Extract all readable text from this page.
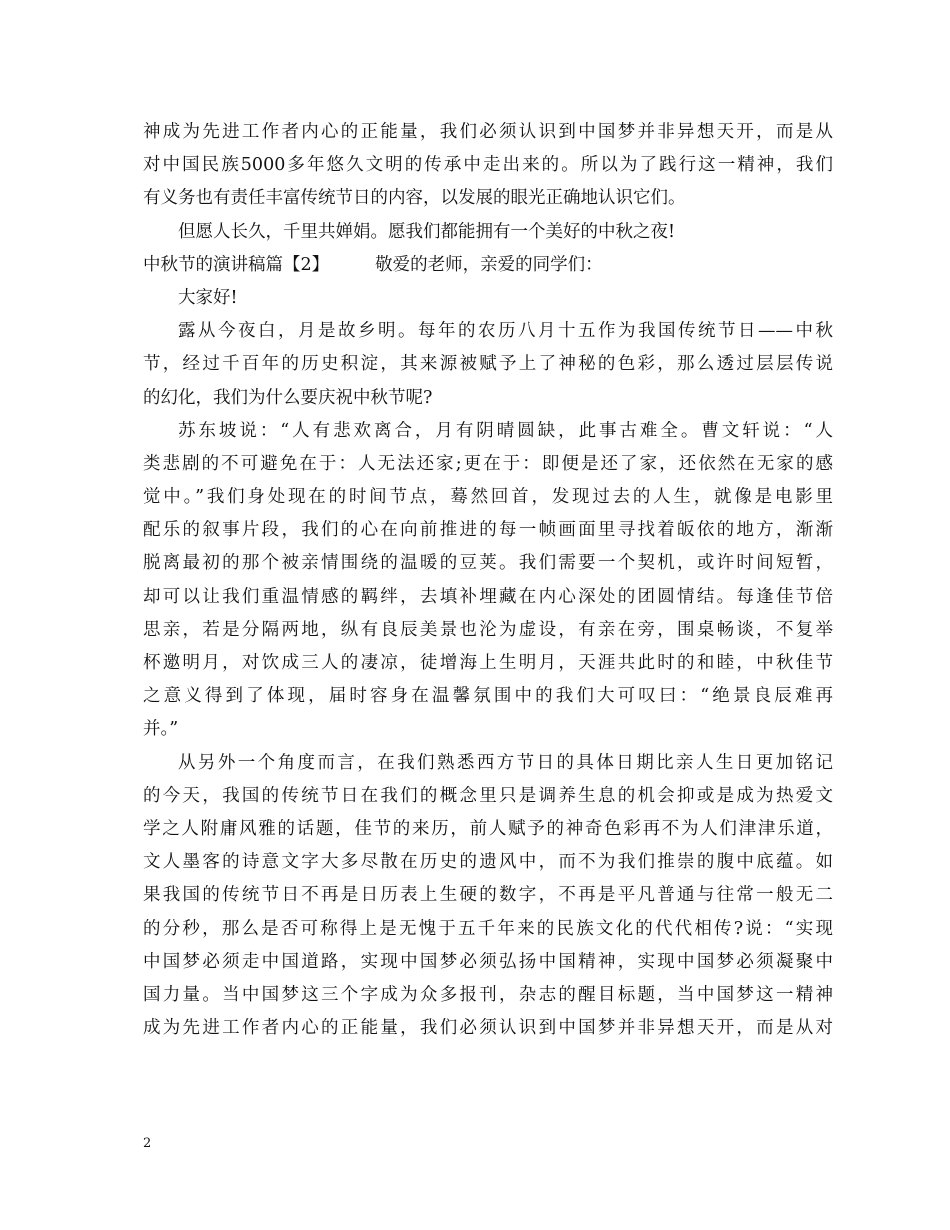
神成为先进工作者内心的正能量，我们必须认识到中国梦并非异想天开，而是从
对中国民族5000多年悠久文明的传承中走出来的。所以为了践行这一精神，我们
有义务也有责任丰富传统节日的内容，以发展的眼光正确地认识它们。
但愿人长久，千里共婵娟。愿我们都能拥有一个美好的中秋之夜!
中秋节的演讲稿篇【2】	敬爱的老师，亲爱的同学们：
大家好!
露从今夜白，月是故乡明。每年的农历八月十五作为我国传统节日——中秋
节，经过千百年的历史积淀，其来源被赋予上了神秘的色彩，那么透过层层传说
的幻化，我们为什么要庆祝中秋节呢?
苏东坡说：“人有悲欢离合，月有阴晴圆缺，此事古难全。曹文轩说：“人
类悲剧的不可避免在于：人无法还家;更在于：即便是还了家，还依然在无家的感
觉中。”我们身处现在的时间节点，蓦然回首，发现过去的人生，就像是电影里
配乐的叙事片段，我们的心在向前推进的每一帧画面里寻找着皈依的地方，渐渐
脱离最初的那个被亲情围绕的温暖的豆荚。我们需要一个契机，或许时间短暂，
却可以让我们重温情感的羁绊，去填补埋藏在内心深处的团圆情结。每逢佳节倍
思亲，若是分隔两地，纵有良辰美景也沦为虚设，有亲在旁，围桌畅谈，不复举
杯邀明月，对饮成三人的凄凉，徒增海上生明月，天涯共此时的和睦，中秋佳节
之意义得到了体现，届时容身在温馨氛围中的我们大可叹曰：“绝景良辰难再
并。”
从另外一个角度而言，在我们熟悉西方节日的具体日期比亲人生日更加铭记
的今天，我国的传统节日在我们的概念里只是调养生息的机会抑或是成为热爱文
学之人附庸风雅的话题，佳节的来历，前人赋予的神奇色彩再不为人们津津乐道，
文人墨客的诗意文字大多尽散在历史的遗风中，而不为我们推崇的腹中底蕴。如
果我国的传统节日不再是日历表上生硬的数字，不再是平凡普通与往常一般无二
的分秒，那么是否可称得上是无愧于五千年来的民族文化的代代相传?说：“实现
中国梦必须走中国道路，实现中国梦必须弘扬中国精神，实现中国梦必须凝聚中
国力量。当中国梦这三个字成为众多报刊，杂志的醒目标题，当中国梦这一精神
成为先进工作者内心的正能量，我们必须认识到中国梦并非异想天开，而是从对
2
